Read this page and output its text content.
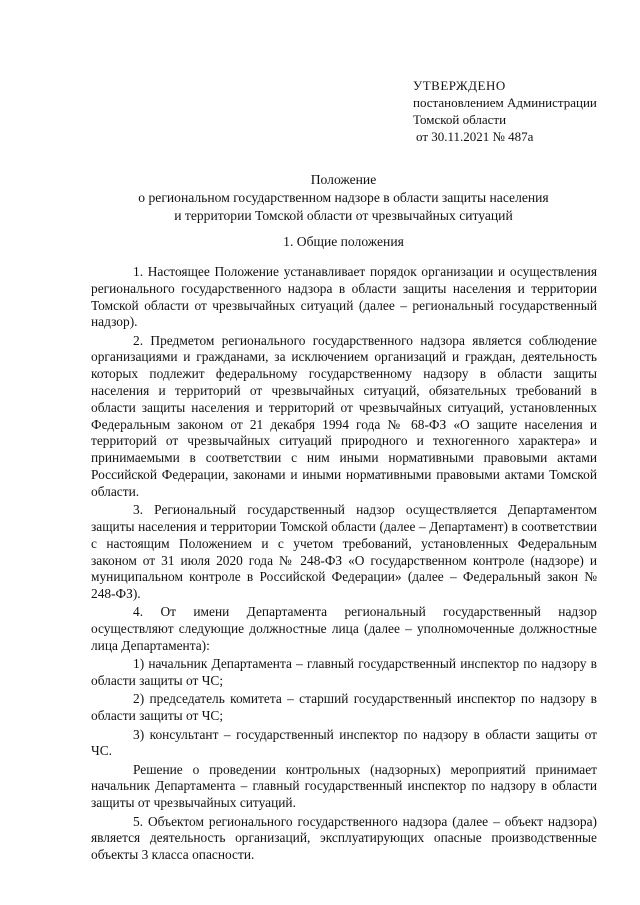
УТВЕРЖДЕНО
постановлением Администрации
Томской области
от 30.11.2021 № 487а
Положение
о региональном государственном надзоре в области защиты населения
и территории Томской области от чрезвычайных ситуаций
1. Общие положения

1. Настоящее Положение устанавливает порядок организации и осуществления регионального государственного надзора в области защиты населения и территории Томской области от чрезвычайных ситуаций (далее – региональный государственный надзор).

2. Предметом регионального государственного надзора является соблюдение организациями и гражданами, за исключением организаций и граждан, деятельность которых подлежит федеральному государственному надзору в области защиты населения и территорий от чрезвычайных ситуаций, обязательных требований в области защиты населения и территорий от чрезвычайных ситуаций, установленных Федеральным законом от 21 декабря 1994 года № 68-ФЗ «О защите населения и территорий от чрезвычайных ситуаций природного и техногенного характера» и принимаемыми в соответствии с ним иными нормативными правовыми актами Российской Федерации, законами и иными нормативными правовыми актами Томской области.

3. Региональный государственный надзор осуществляется Департаментом защиты населения и территории Томской области (далее – Департамент) в соответствии с настоящим Положением и с учетом требований, установленных Федеральным законом от 31 июля 2020 года № 248-ФЗ «О государственном контроле (надзоре) и муниципальном контроле в Российской Федерации» (далее – Федеральный закон № 248-ФЗ).

4. От имени Департамента региональный государственный надзор осуществляют следующие должностные лица (далее – уполномоченные должностные лица Департамента):

1) начальник Департамента – главный государственный инспектор по надзору в области защиты от ЧС;

2) председатель комитета – старший государственный инспектор по надзору в области защиты от ЧС;

3) консультант – государственный инспектор по надзору в области защиты от ЧС.

Решение о проведении контрольных (надзорных) мероприятий принимает начальник Департамента – главный государственный инспектор по надзору в области защиты от чрезвычайных ситуаций.

5. Объектом регионального государственного надзора (далее – объект надзора) является деятельность организаций, эксплуатирующих опасные производственные объекты 3 класса опасности.
